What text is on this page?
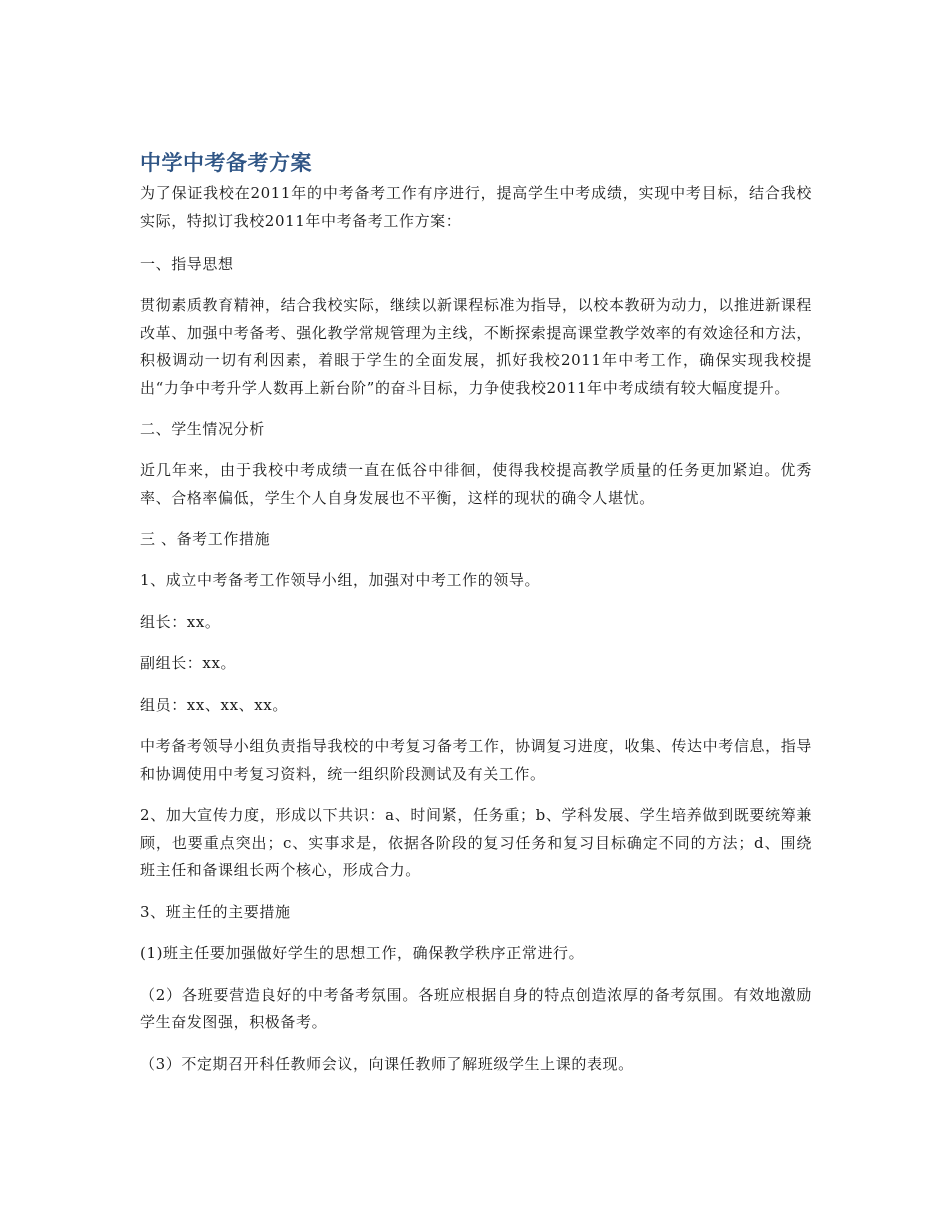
中学中考备考方案
为了保证我校在2011年的中考备考工作有序进行，提高学生中考成绩，实现中考目标，结合我校实际，特拟订我校2011年中考备考工作方案：
一、指导思想
贯彻素质教育精神，结合我校实际，继续以新课程标准为指导，以校本教研为动力，以推进新课程改革、加强中考备考、强化教学常规管理为主线，不断探索提高课堂教学效率的有效途径和方法，积极调动一切有利因素，着眼于学生的全面发展，抓好我校2011年中考工作，确保实现我校提出“力争中考升学人数再上新台阶”的奋斗目标，力争使我校2011年中考成绩有较大幅度提升。
二、学生情况分析
近几年来，由于我校中考成绩一直在低谷中徘徊，使得我校提高教学质量的任务更加紧迫。优秀率、合格率偏低，学生个人自身发展也不平衡，这样的现状的确令人堪忧。
三 、备考工作措施
1、成立中考备考工作领导小组，加强对中考工作的领导。
组长：xx。
副组长：xx。
组员：xx、xx、xx。
中考备考领导小组负责指导我校的中考复习备考工作，协调复习进度，收集、传达中考信息，指导和协调使用中考复习资料，统一组织阶段测试及有关工作。
2、加大宣传力度，形成以下共识：a、时间紧，任务重；b、学科发展、学生培养做到既要统筹兼顾，也要重点突出；c、实事求是，依据各阶段的复习任务和复习目标确定不同的方法；d、围绕班主任和备课组长两个核心，形成合力。
3、班主任的主要措施
(1)班主任要加强做好学生的思想工作，确保教学秩序正常进行。
（2）各班要营造良好的中考备考氛围。各班应根据自身的特点创造浓厚的备考氛围。有效地激励学生奋发图强，积极备考。
（3）不定期召开科任教师会议，向课任教师了解班级学生上课的表现。
